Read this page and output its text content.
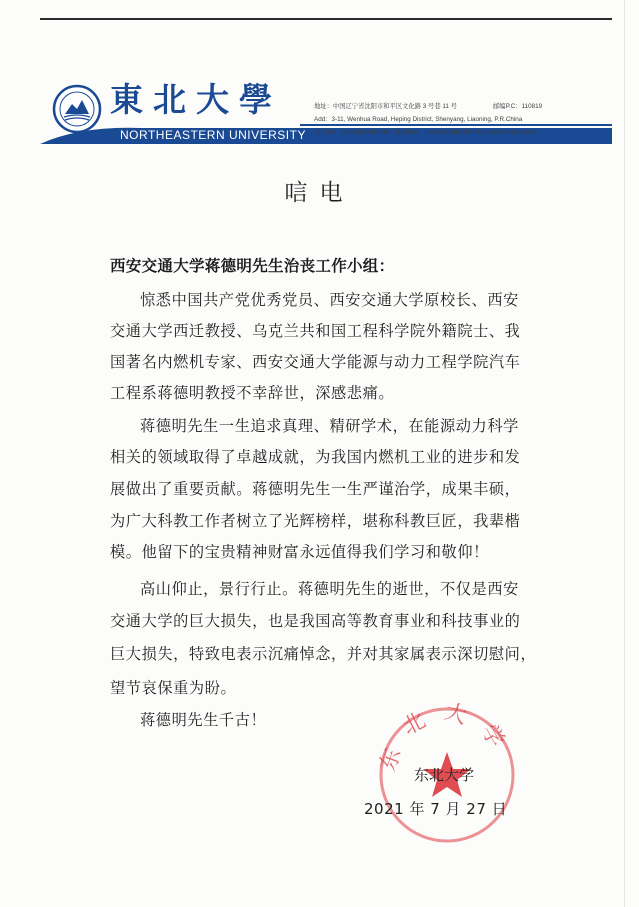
東北大學
NORTHEASTERN UNIVERSITY
地址：中国辽宁省沈阳市和平区文化路 3 号巷 11 号	邮编P.C：110819
Add：3-11, Wenhua Road, Heping District, Shenyang, Liaoning, P.R.China
电话Tel：(86-24)83687388 传真Fax：(86-24)23892454 Http://www.neu.edu.cn
唁电
西安交通大学蒋德明先生治丧工作小组：
惊悉中国共产党优秀党员、西安交通大学原校长、西安
交通大学西迁教授、乌克兰共和国工程科学院外籍院士、我
国著名内燃机专家、西安交通大学能源与动力工程学院汽车
工程系蒋德明教授不幸辞世，深感悲痛。
蒋德明先生一生追求真理、精研学术，在能源动力科学
相关的领域取得了卓越成就，为我国内燃机工业的进步和发
展做出了重要贡献。蒋德明先生一生严谨治学，成果丰硕，
为广大科教工作者树立了光辉榜样，堪称科教巨匠，我辈楷
模。他留下的宝贵精神财富永远值得我们学习和敬仰！
高山仰止，景行行止。蒋德明先生的逝世，不仅是西安
交通大学的巨大损失，也是我国高等教育事业和科技事业的
巨大损失，特致电表示沉痛悼念，并对其家属表示深切慰问，
望节哀保重为盼。
蒋德明先生千古！
东北大学
东北大学
2021 年 7 月 27 日
